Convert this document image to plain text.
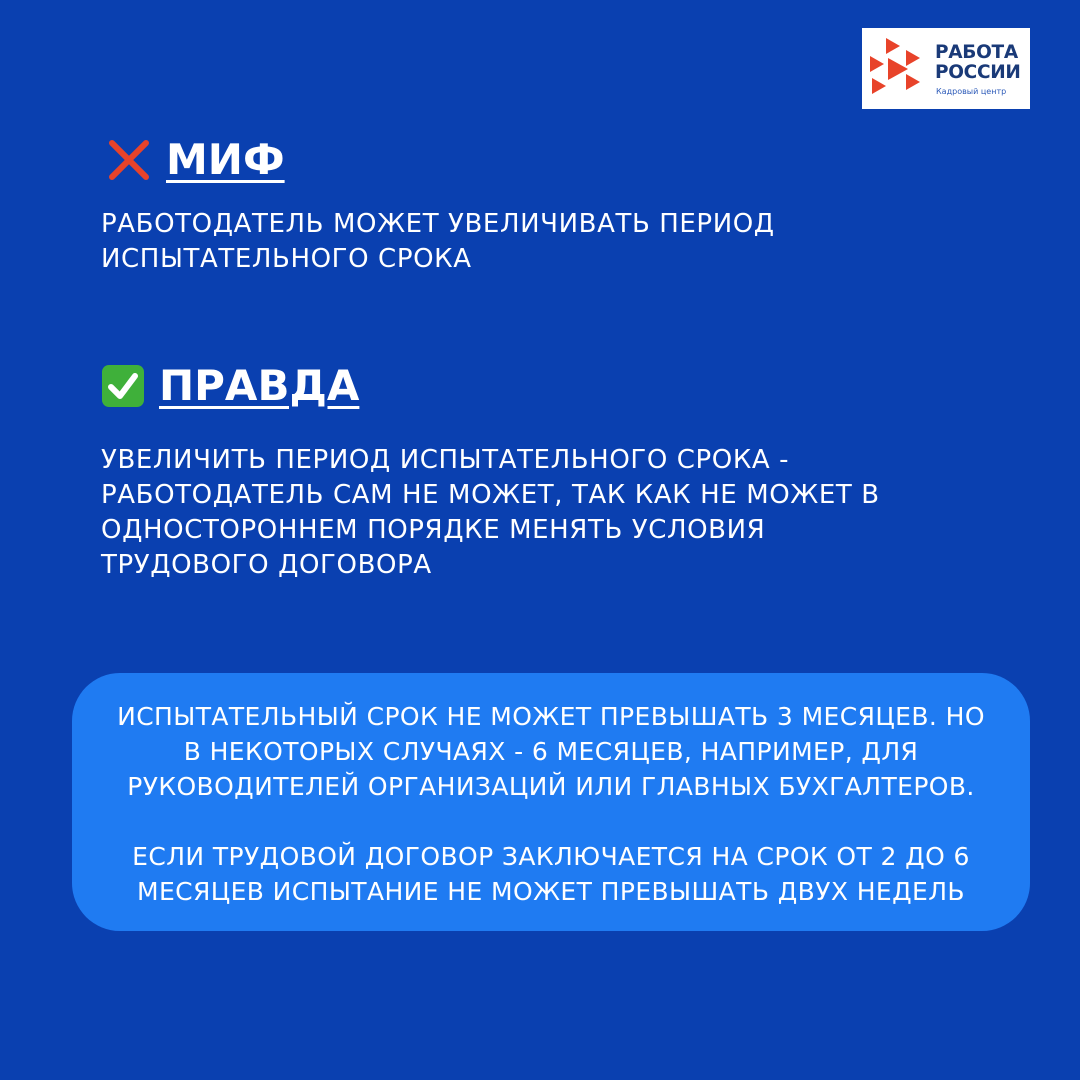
РАБОТА
РОССИИ
Кадровый центр
МИФ
РАБОТОДАТЕЛЬ МОЖЕТ УВЕЛИЧИВАТЬ ПЕРИОД
ИСПЫТАТЕЛЬНОГО СРОКА
ПРАВДА
УВЕЛИЧИТЬ ПЕРИОД ИСПЫТАТЕЛЬНОГО СРОКА -
РАБОТОДАТЕЛЬ САМ НЕ МОЖЕТ, ТАК КАК НЕ МОЖЕТ В
ОДНОСТОРОННЕМ ПОРЯДКЕ МЕНЯТЬ УСЛОВИЯ
ТРУДОВОГО ДОГОВОРА
ИСПЫТАТЕЛЬНЫЙ СРОК НЕ МОЖЕТ ПРЕВЫШАТЬ 3 МЕСЯЦЕВ. НО
В НЕКОТОРЫХ СЛУЧАЯХ - 6 МЕСЯЦЕВ, НАПРИМЕР, ДЛЯ
РУКОВОДИТЕЛЕЙ ОРГАНИЗАЦИЙ ИЛИ ГЛАВНЫХ БУХГАЛТЕРОВ.
ЕСЛИ ТРУДОВОЙ ДОГОВОР ЗАКЛЮЧАЕТСЯ НА СРОК ОТ 2 ДО 6
МЕСЯЦЕВ ИСПЫТАНИЕ НЕ МОЖЕТ ПРЕВЫШАТЬ ДВУХ НЕДЕЛЬ
